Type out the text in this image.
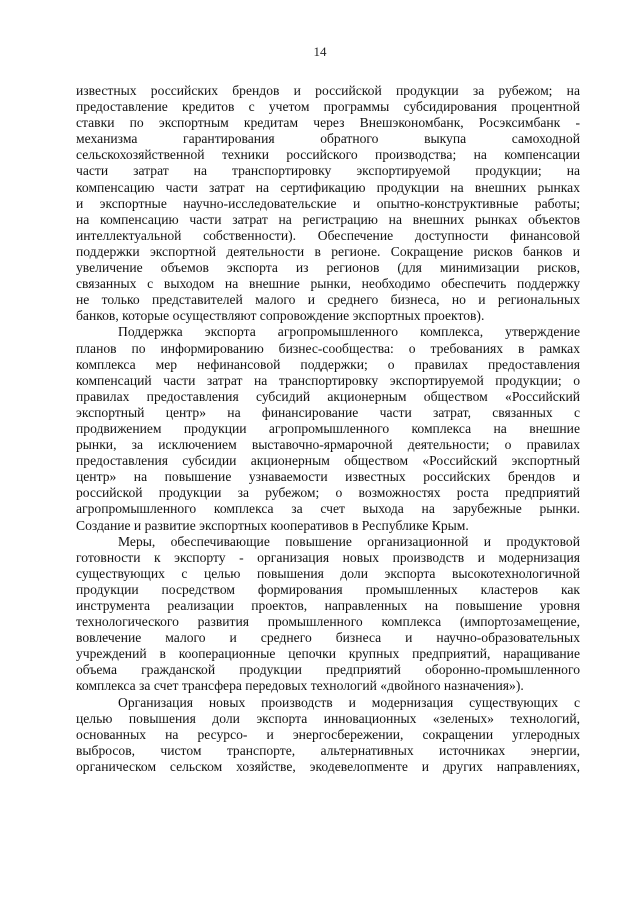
14
известных российских брендов и российской продукции за рубежом; на
предоставление кредитов с учетом программы субсидирования процентной
ставки по экспортным кредитам через Внешэкономбанк, Росэксимбанк -
механизма гарантирования обратного выкупа самоходной
сельскохозяйственной техники российского производства; на компенсации
части затрат на транспортировку экспортируемой продукции; на
компенсацию части затрат на сертификацию продукции на внешних рынках
и экспортные научно-исследовательские и опытно-конструктивные работы;
на компенсацию части затрат на регистрацию на внешних рынках объектов
интеллектуальной собственности). Обеспечение доступности финансовой
поддержки экспортной деятельности в регионе. Сокращение рисков банков и
увеличение объемов экспорта из регионов (для минимизации рисков,
связанных с выходом на внешние рынки, необходимо обеспечить поддержку
не только представителей малого и среднего бизнеса, но и региональных
банков, которые осуществляют сопровождение экспортных проектов).
Поддержка экспорта агропромышленного комплекса, утверждение
планов по информированию бизнес-сообщества: о требованиях в рамках
комплекса мер нефинансовой поддержки; о правилах предоставления
компенсаций части затрат на транспортировку экспортируемой продукции; о
правилах предоставления субсидий акционерным обществом «Российский
экспортный центр» на финансирование части затрат, связанных с
продвижением продукции агропромышленного комплекса на внешние
рынки, за исключением выставочно-ярмарочной деятельности; о правилах
предоставления субсидии акционерным обществом «Российский экспортный
центр» на повышение узнаваемости известных российских брендов и
российской продукции за рубежом; о возможностях роста предприятий
агропромышленного комплекса за счет выхода на зарубежные рынки.
Создание и развитие экспортных кооперативов в Республике Крым.
Меры, обеспечивающие повышение организационной и продуктовой
готовности к экспорту - организация новых производств и модернизация
существующих с целью повышения доли экспорта высокотехнологичной
продукции посредством формирования промышленных кластеров как
инструмента реализации проектов, направленных на повышение уровня
технологического развития промышленного комплекса (импортозамещение,
вовлечение малого и среднего бизнеса и научно-образовательных
учреждений в кооперационные цепочки крупных предприятий, наращивание
объема гражданской продукции предприятий оборонно-промышленного
комплекса за счет трансфера передовых технологий «двойного назначения»).
Организация новых производств и модернизация существующих с
целью повышения доли экспорта инновационных «зеленых» технологий,
основанных на ресурсо- и энергосбережении, сокращении углеродных
выбросов, чистом транспорте, альтернативных источниках энергии,
органическом сельском хозяйстве, экодевелопменте и других направлениях,
